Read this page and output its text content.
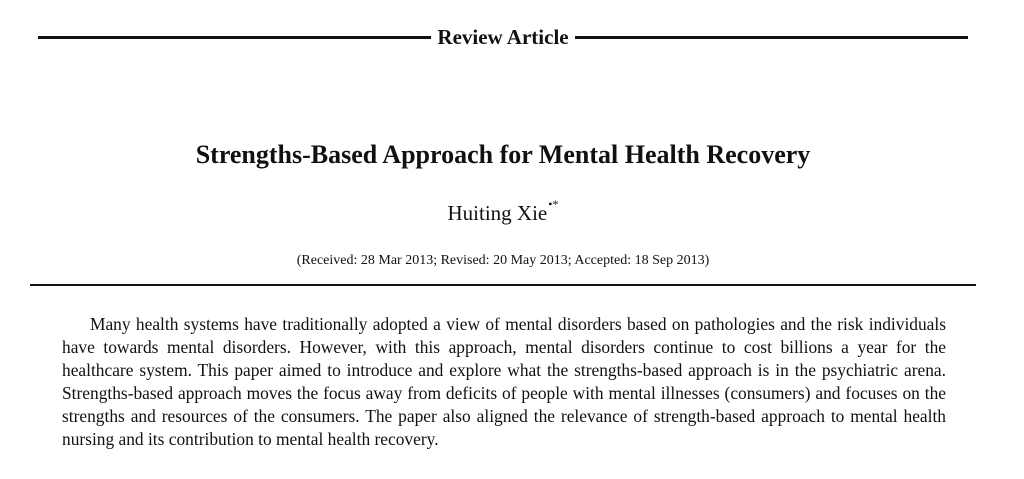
Review Article
Strengths-Based Approach for Mental Health Recovery
Huiting Xie•*
(Received: 28 Mar 2013; Revised: 20 May 2013; Accepted: 18 Sep 2013)

Many health systems have traditionally adopted a view of mental disorders based on pathologies and the risk individuals have towards mental disorders. However, with this approach, mental disorders continue to cost billions a year for the healthcare system. This paper aimed to introduce and explore what the strengths-based approach is in the psychiatric arena. Strengths-based approach moves the focus away from deficits of people with mental illnesses (consumers) and focuses on the strengths and resources of the consumers. The paper also aligned the relevance of strength-based approach to mental health nursing and its contribution to mental health recovery.
